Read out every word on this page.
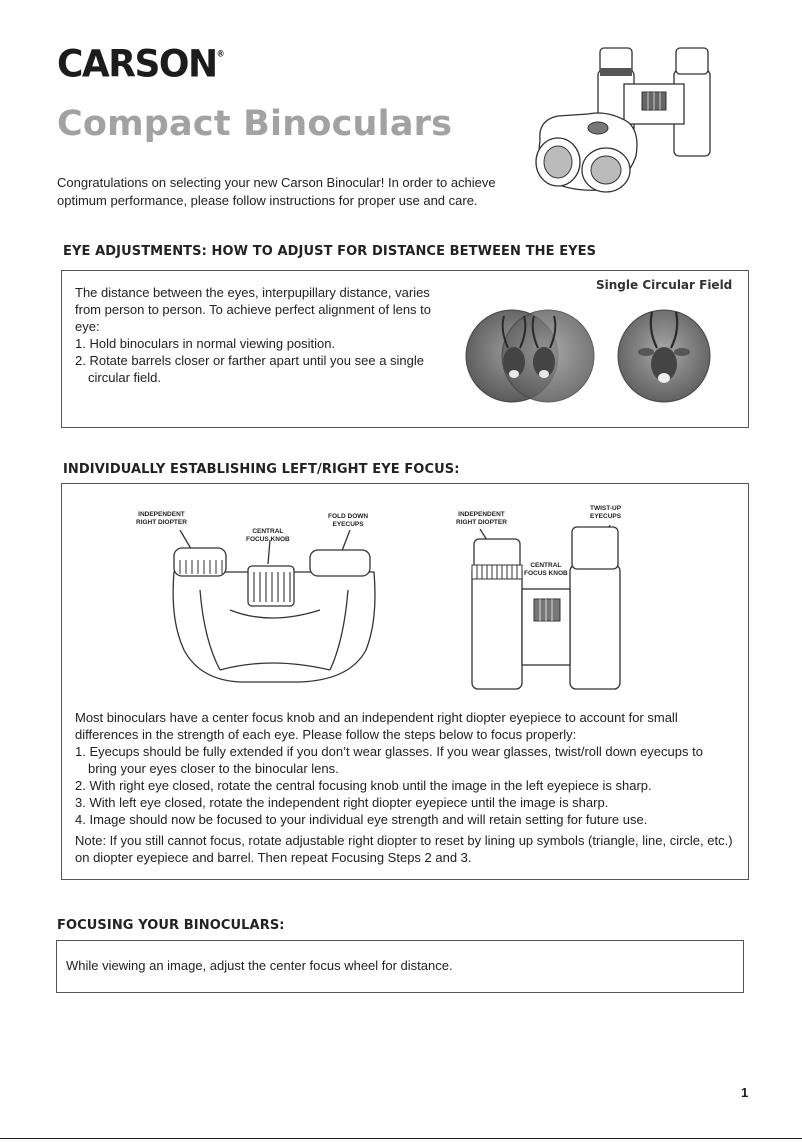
CARSON®
Compact Binoculars
Congratulations on selecting your new Carson Binocular! In order to achieve optimum performance, please follow instructions for proper use and care.
EYE ADJUSTMENTS: HOW TO ADJUST FOR DISTANCE BETWEEN THE EYES

The distance between the eyes, interpupillary distance, varies from person to person. To achieve perfect alignment of lens to eye:

1. Hold binoculars in normal viewing position.
2. Rotate barrels closer or farther apart until you see a single circular field.
Single Circular Field
INDIVIDUALLY ESTABLISHING LEFT/RIGHT EYE FOCUS:

Most binoculars have a center focus knob and an independent right diopter eyepiece to account for small differences in the strength of each eye. Please follow the steps below to focus properly:

1. Eyecups should be fully extended if you don’t wear glasses. If you wear glasses, twist/roll down eyecups to bring your eyes closer to the binocular lens.
2. With right eye closed, rotate the central focusing knob until the image in the left eyepiece is sharp.
3. With left eye closed, rotate the independent right diopter eyepiece until the image is sharp.
4. Image should now be focused to your individual eye strength and will retain setting for future use.

Note: If you still cannot focus, rotate adjustable right diopter to reset by lining up symbols (triangle, line, circle, etc.) on diopter eyepiece and barrel. Then repeat Focusing Steps 2 and 3.

INDEPENDENT
RIGHT DIOPTER
CENTRAL
FOCUS KNOB
FOLD DOWN
EYECUPS
INDEPENDENT
RIGHT DIOPTER
CENTRAL
FOCUS KNOB
TWIST-UP
EYECUPS
FOCUSING YOUR BINOCULARS:
While viewing an image, adjust the center focus wheel for distance.
1
